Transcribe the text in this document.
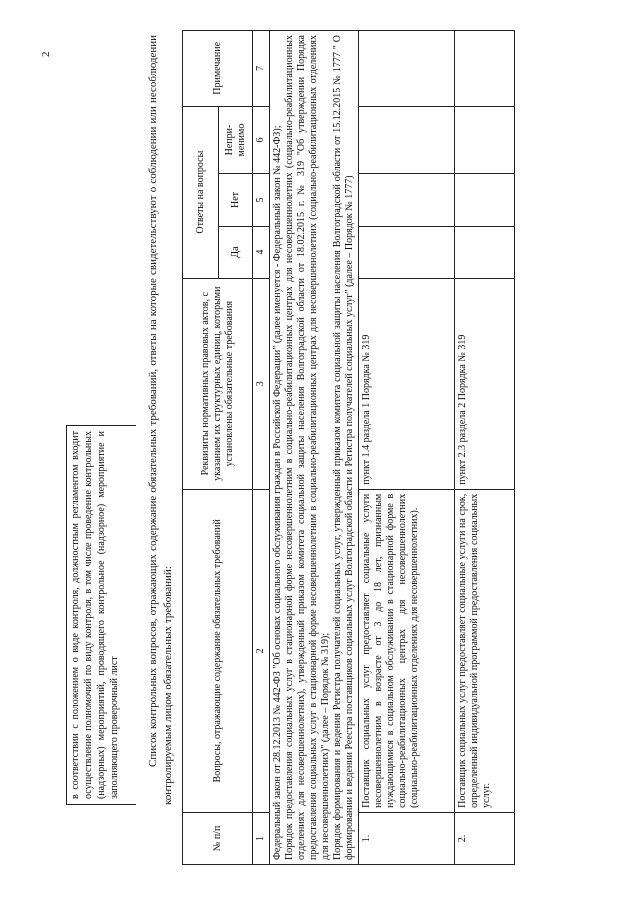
2
в соответствии с положением о виде контроля, должностным регламентом входит осуществление полномочий по виду контроля, в том числе проведение контрольных (надзорных) мероприятий, проводящего контрольное (надзорное) мероприятие и заполняющего проверочный лист	Список контрольных вопросов, отражающих содержание обязательных требований, ответы на которые свидетельствуют о соблюдении или несоблюдении контролируемым лицом обязательных требований:

№ п/п	Вопросы, отражающие содержание обязательных требований	Реквизиты нормативных правовых актов, с указанием их структурных единиц, которыми установлены обязательные требования	Ответы на вопросы			Примечание
			Да	Нет	Непри-менимо	
1	2	3	4	5	6	7

Федеральный закон от 28.12.2013 № 442-ФЗ "Об основах социального обслуживания граждан в Российской Федерации" (далее именуется - Федеральный закон № 442-ФЗ); Порядок предоставления социальных услуг в стационарной форме несовершеннолетним в социально-реабилитационных центрах для несовершеннолетних (социально-реабилитационных отделениях для несовершеннолетних), утвержденный приказом комитета социальной защиты населения Волгоградской области от 18.02.2015 г. № 319 "Об утверждении Порядка предоставления социальных услуг в стационарной форме несовершеннолетним в социально-реабилитационных центрах для несовершеннолетних (социально-реабилитационных отделениях для несовершеннолетних)" (далее – Порядок № 319); Порядок формирования и ведения Регистра получателей социальных услуг, утвержденный приказом комитета социальной защиты населения Волгоградской области от 15.12.2015 № 1777 " О формировании и ведении Реестра поставщиков социальных услуг Волгоградской области и Регистра получателей социальных услуг" (далее – Порядок № 1777)						

1.	Поставщик социальных услуг предоставляет социальные услуги несовершеннолетним в возрасте от 3 до 18 лет, признанным нуждающимися в социальном обслуживании в стационарной форме в социально-реабилитационных центрах для несовершеннолетних (социально-реабилитационных отделениях для несовершеннолетних).	пункт 1.4 раздела 1 Порядка № 319				
2.	Поставщик социальных услуг предоставляет социальные услуги на срок, определенный индивидуальной программой предоставления социальных услуг.	пункт 2.3 раздела 2 Порядка № 319				
